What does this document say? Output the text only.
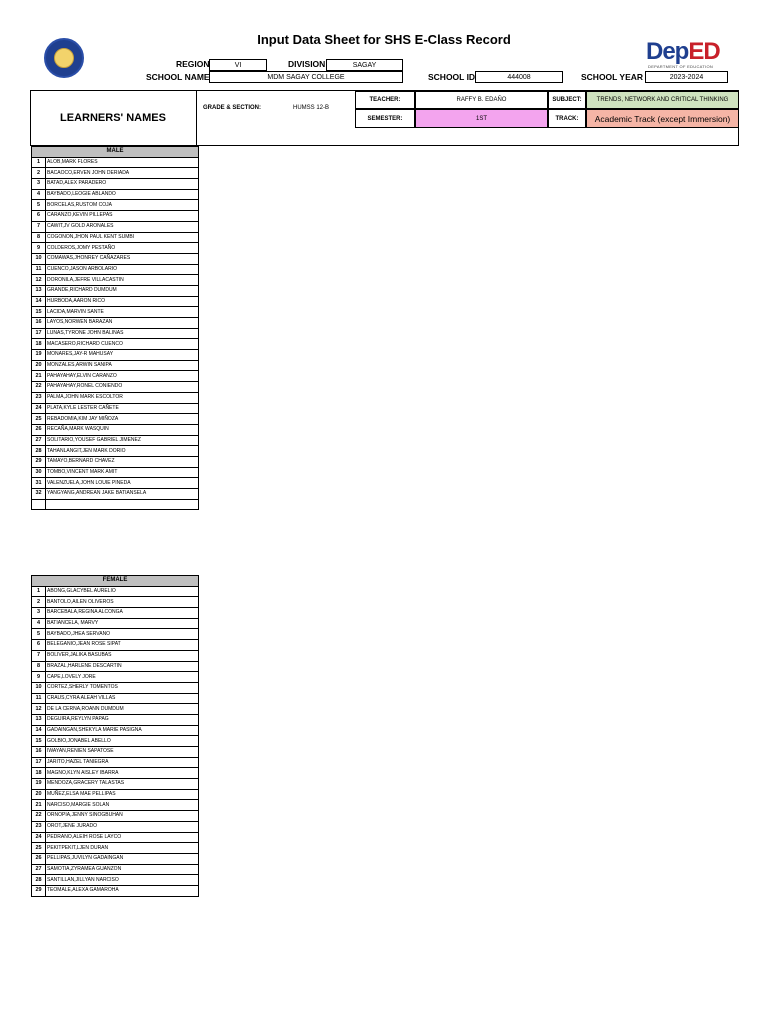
Input Data Sheet for SHS E-Class Record	DepED
DEPARTMENT OF EDUCATION
REGION	VI	DIVISION	SAGAY
SCHOOL NAME	MDM SAGAY COLLEGE	SCHOOL ID	444008	SCHOOL YEAR	2023-2024
LEARNERS' NAMES
GRADE & SECTION:	HUMSS 12-B
TEACHER:	RAFFY B. EDAÑO
SEMESTER:	1ST
SUBJECT:	TRENDS, NETWORK AND CRITICAL THINKING
TRACK:	Academic Track (except Immersion)
MALE	
1	ALOB,MARK FLORES
2	BACAOCO,ERVEN JOHN DERIADA
3	BATAD,ALEX PARADERO
4	BAYBADO,LEOGIE ABLANDO
5	BORCELAS,RUSTOM COJA
6	CARANZO,KEVIN PILLEPAS
7	CAWIT,JV GOLD ARONALES
8	COGONON,JHON PAUL KENT SUMBI
9	COLDEROS,JOMY PESTAÑO
10	COMAWAS,JHONREY CAÑAZARES
11	CUENCO,JASON ARBOLARIO
12	DORONILA,JEFRE VILLACASTIN
13	GRANDE,RICHARD DUMDUM
14	HURBODA,AARON RICO
15	LACIDA,MARVIN SANTE
16	LAYOS,NORWEN BARAZAN
17	LUNAS,TYRONE JOHN BALINAS
18	MACASERO,RICHARD CUENCO
19	MONARES,JAY-R MAHUSAY
20	MONZALES,ARWIN SANIPA
21	PAHAYAHAY,ELVIN CARANZO
22	PAHAYAHAY,RONEL CONIENDO
23	PALMA,JOHN MARK ESCOLTOR
24	PLATA,KYLE LESTER CAÑETE
25	REBADOMIA,KIM JAY MIÑOZA
26	RECAÑA,MARK WASQUIN
27	SOLITARIO,YOUSEF GABRIEL JIMENEZ
28	TAHANLANGIT,JEN MARK DORIO
29	TAMAYO,BERNARD CHAVEZ
30	TOMBO,VINCENT MARK AMIT
31	VALENZUELA,JOHN LOUIE PINEDA
32	YANGYANG,ANDREAN JAKE BATIANSELA

FEMALE	
1	ABONG,GLACYBEL AURELIO
2	BANTOLO,AILEN OLIVEROS
3	BARCEBALA,REGINA ALCONGA
4	BATIANCELA, MARVY
5	BAYBADO,JHEA SERVANO
6	BELEGANIO,JEAN ROSE SIPAT
7	BOLIVER,JALIKA BASUBAS
8	BRAZAL,HARLENE DESCARTIN
9	CAPE,LOVELY JORE
10	CORTEZ,SHERLY TOMENTOS
11	CRAUS,CYRA ALEAH VILLAS
12	DE LA CERNA,ROANN DUMDUM
13	DEGUIRA,REYLYN PAPAG
14	GADAINGAN,SHEKYLA MARIE PASIGNA
15	GOLBIO,JONABEL ABELLO
16	IWAYAN,RENIEN SAPATOSE
17	JARITO,HAZEL TANIEGRA
18	MAGNO,KLYN AISLEY IBARRA
19	MENDOZA,GRACERY TALASTAS
20	MUÑEZ,ELSA MAE PELLIPAS
21	NARCISO,MARGIE SOLAN
22	ORNOPIA,JENNY SINOGBUHAN
23	OROT,JENE JURADO
24	PEDRANO,ALEIH ROSE LAYCO
25	PEKITPEKIT,LJEN DURAN
26	PELLIPAS,JUVILYN GADAINGAN
27	SAMOTIA,ZYRAMEA GUANZON
28	SANTILLAN,JILLYAN NARCISO
29	TEOMALE,ALEXA GAMAROHA
